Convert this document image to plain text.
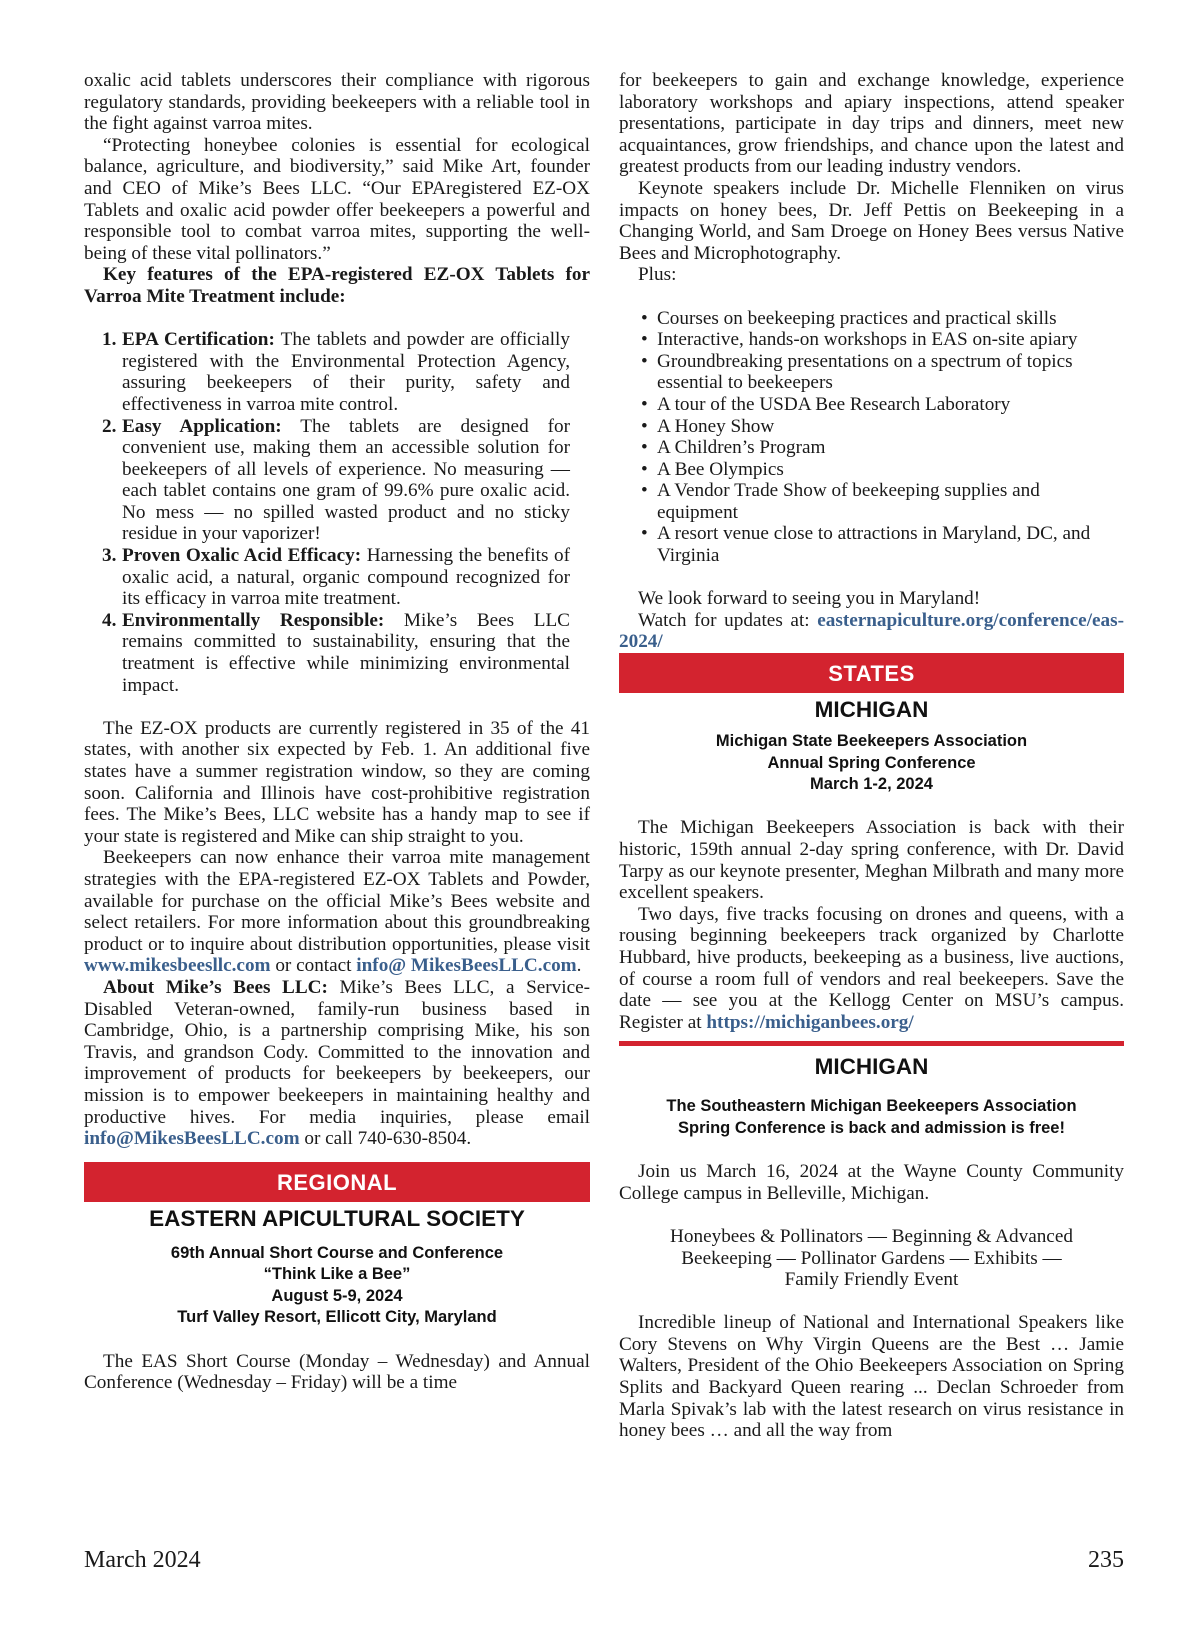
oxalic acid tablets underscores their compliance with rigorous regulatory standards, providing beekeepers with a reliable tool in the fight against varroa mites.

“Protecting honeybee colonies is essential for ecological balance, agriculture, and biodiversity,” said Mike Art, founder and CEO of Mike’s Bees LLC. “Our EPAregistered EZ-OX Tablets and oxalic acid powder offer beekeepers a powerful and responsible tool to combat varroa mites, supporting the well-being of these vital pollinators.”

Key features of the EPA-registered EZ-OX Tablets for Varroa Mite Treatment include:

1. EPA Certification: The tablets and powder are officially registered with the Environmental Protection Agency, assuring beekeepers of their purity, safety and effectiveness in varroa mite control.
2. Easy Application: The tablets are designed for convenient use, making them an accessible solution for beekeepers of all levels of experience. No measuring — each tablet contains one gram of 99.6% pure oxalic acid. No mess — no spilled wasted product and no sticky residue in your vaporizer!
3. Proven Oxalic Acid Efficacy: Harnessing the benefits of oxalic acid, a natural, organic compound recognized for its efficacy in varroa mite treatment.
4. Environmentally Responsible: Mike’s Bees LLC remains committed to sustainability, ensuring that the treatment is effective while minimizing environmental impact.

The EZ-OX products are currently registered in 35 of the 41 states, with another six expected by Feb. 1. An additional five states have a summer registration window, so they are coming soon. California and Illinois have cost-prohibitive registration fees. The Mike’s Bees, LLC website has a handy map to see if your state is registered and Mike can ship straight to you.

Beekeepers can now enhance their varroa mite management strategies with the EPA-registered EZ-OX Tablets and Powder, available for purchase on the official Mike’s Bees website and select retailers. For more information about this groundbreaking product or to inquire about distribution opportunities, please visit www.mikesbeesllc.com or contact info@ MikesBeesLLC.com.

About Mike’s Bees LLC: Mike’s Bees LLC, a Service-Disabled Veteran-owned, family-run business based in Cambridge, Ohio, is a partnership comprising Mike, his son Travis, and grandson Cody. Committed to the innovation and improvement of products for beekeepers by beekeepers, our mission is to empower beekeepers in maintaining healthy and productive hives. For media inquiries, please email info@MikesBeesLLC.com or call 740-630-8504.

REGIONAL
EASTERN APICULTURAL SOCIETY
69th Annual Short Course and Conference
“Think Like a Bee”
August 5-9, 2024
Turf Valley Resort, Ellicott City, Maryland

The EAS Short Course (Monday – Wednesday) and Annual Conference (Wednesday – Friday) will be a time

for beekeepers to gain and exchange knowledge, experience laboratory workshops and apiary inspections, attend speaker presentations, participate in day trips and dinners, meet new acquaintances, grow friendships, and chance upon the latest and greatest products from our leading industry vendors.

Keynote speakers include Dr. Michelle Flenniken on virus impacts on honey bees, Dr. Jeff Pettis on Beekeeping in a Changing World, and Sam Droege on Honey Bees versus Native Bees and Microphotography.

Plus:

• Courses on beekeeping practices and practical skills
• Interactive, hands-on workshops in EAS on-site apiary
• Groundbreaking presentations on a spectrum of topics essential to beekeepers
• A tour of the USDA Bee Research Laboratory
• A Honey Show
• A Children’s Program
• A Bee Olympics
• A Vendor Trade Show of beekeeping supplies and equipment
• A resort venue close to attractions in Maryland, DC, and Virginia

We look forward to seeing you in Maryland!

Watch for updates at: easternapiculture.org/conference/eas-2024/

STATES
MICHIGAN
Michigan State Beekeepers Association
Annual Spring Conference
March 1-2, 2024

The Michigan Beekeepers Association is back with their historic, 159th annual 2-day spring conference, with Dr. David Tarpy as our keynote presenter, Meghan Milbrath and many more excellent speakers.

Two days, five tracks focusing on drones and queens, with a rousing beginning beekeepers track organized by Charlotte Hubbard, hive products, beekeeping as a business, live auctions, of course a room full of vendors and real beekeepers. Save the date — see you at the Kellogg Center on MSU’s campus. Register at https://michiganbees.org/

MICHIGAN
The Southeastern Michigan Beekeepers Association
Spring Conference is back and admission is free!

Join us March 16, 2024 at the Wayne County Community College campus in Belleville, Michigan.

Honeybees & Pollinators — Beginning & Advanced

Beekeeping — Pollinator Gardens — Exhibits —

Family Friendly Event

Incredible lineup of National and International Speakers like Cory Stevens on Why Virgin Queens are the Best … Jamie Walters, President of the Ohio Beekeepers Association on Spring Splits and Backyard Queen rearing ... Declan Schroeder from Marla Spivak’s lab with the latest research on virus resistance in honey bees … and all the way from

March 2024	235
